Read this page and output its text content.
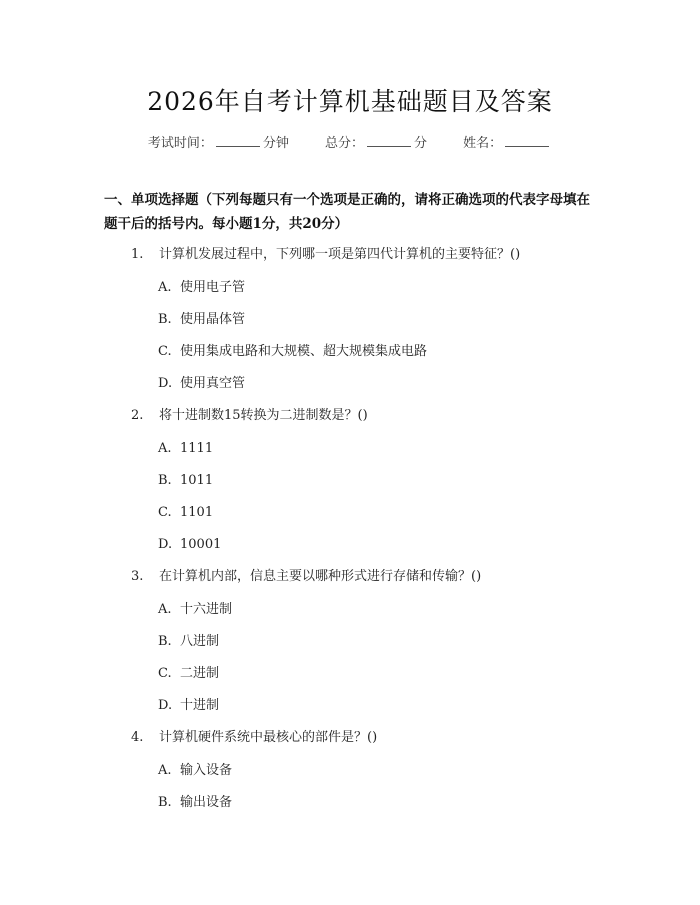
2026年自考计算机基础题目及答案
考试时间：	分钟	总分：	分	姓名：
一、单项选择题（下列每题只有一个选项是正确的，请将正确选项的代表字母填在题干后的括号内。每小题1分，共20分）
1. 计算机发展过程中，下列哪一项是第四代计算机的主要特征？()
A. 使用电子管
B. 使用晶体管
C. 使用集成电路和大规模、超大规模集成电路
D. 使用真空管
2. 将十进制数15转换为二进制数是？()
A. 1111
B. 1011
C. 1101
D. 10001
3. 在计算机内部，信息主要以哪种形式进行存储和传输？()
A. 十六进制
B. 八进制
C. 二进制
D. 十进制
4. 计算机硬件系统中最核心的部件是？()
A. 输入设备
B. 输出设备
